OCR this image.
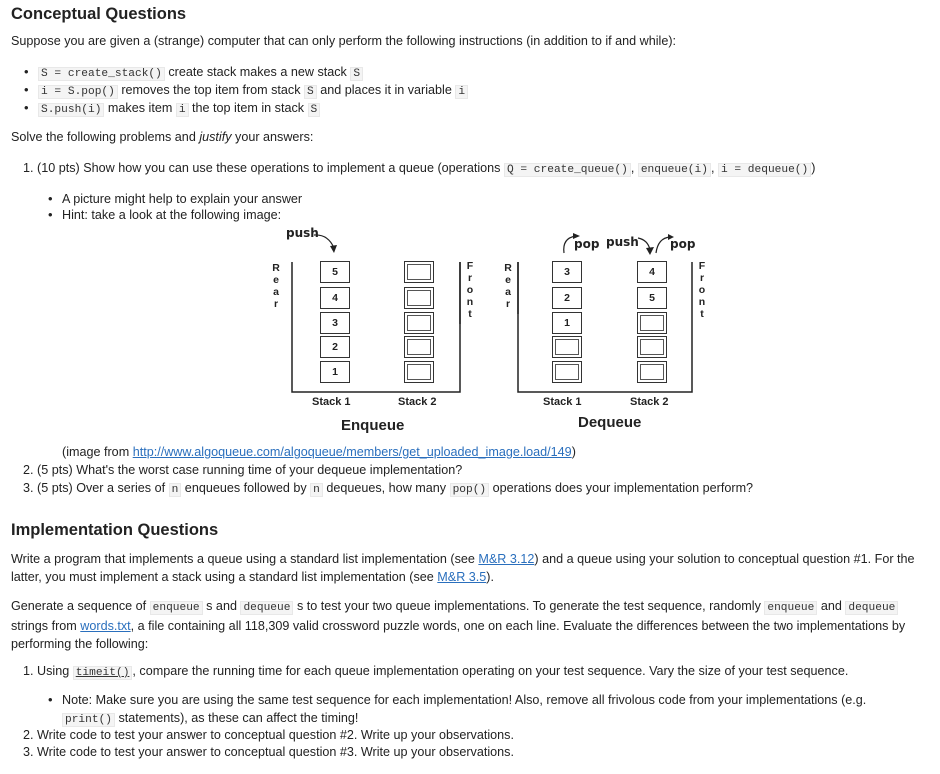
Conceptual Questions

Suppose you are given a (strange) computer that can only perform the following instructions (in addition to if and while):

• S = create_stack() create stack makes a new stack S
• i = S.pop() removes the top item from stack S and places it in variable i
• S.push(i) makes item i the top item in stack S

Solve the following problems and justify your answers:

1. (10 pts) Show how you can use these operations to implement a queue (operations Q = create_queue() , enqueue(i) , i = dequeue() )
• A picture might help to explain your answer
• Hint: take a look at the following image:
push
pop push	pop
R
e
a
r
F
r
o
n
t
R
e
a
r
F
r
o
n
t
5
4
3
2
1
3
2
1
4
5
Stack 1	Stack 2	Stack 1	Stack 2
Enqueue	Dequeue
(image from http://www.algoqueue.com/algoqueue/members/get_uploaded_image.load/149)
2. (5 pts) What's the worst case running time of your dequeue implementation?
3. (5 pts) Over a series of n enqueues followed by n dequeues, how many pop() operations does your implementation perform?
Implementation Questions

Write a program that implements a queue using a standard list implementation (see M&R 3.12) and a queue using your solution to conceptual question #1. For the latter, you must implement a stack using a standard list implementation (see M&R 3.5).

Generate a sequence of enqueue s and dequeue s to test your two queue implementations. To generate the test sequence, randomly enqueue and dequeue strings from words.txt, a file containing all 118,309 valid crossword puzzle words, one on each line. Evaluate the differences between the two implementations by performing the following:

1. Using timeit() , compare the running time for each queue implementation operating on your test sequence. Vary the size of your test sequence.
• Note: Make sure you are using the same test sequence for each implementation! Also, remove all frivolous code from your implementations (e.g. print() statements), as these can affect the timing!
2. Write code to test your answer to conceptual question #2. Write up your observations.
3. Write code to test your answer to conceptual question #3. Write up your observations.
